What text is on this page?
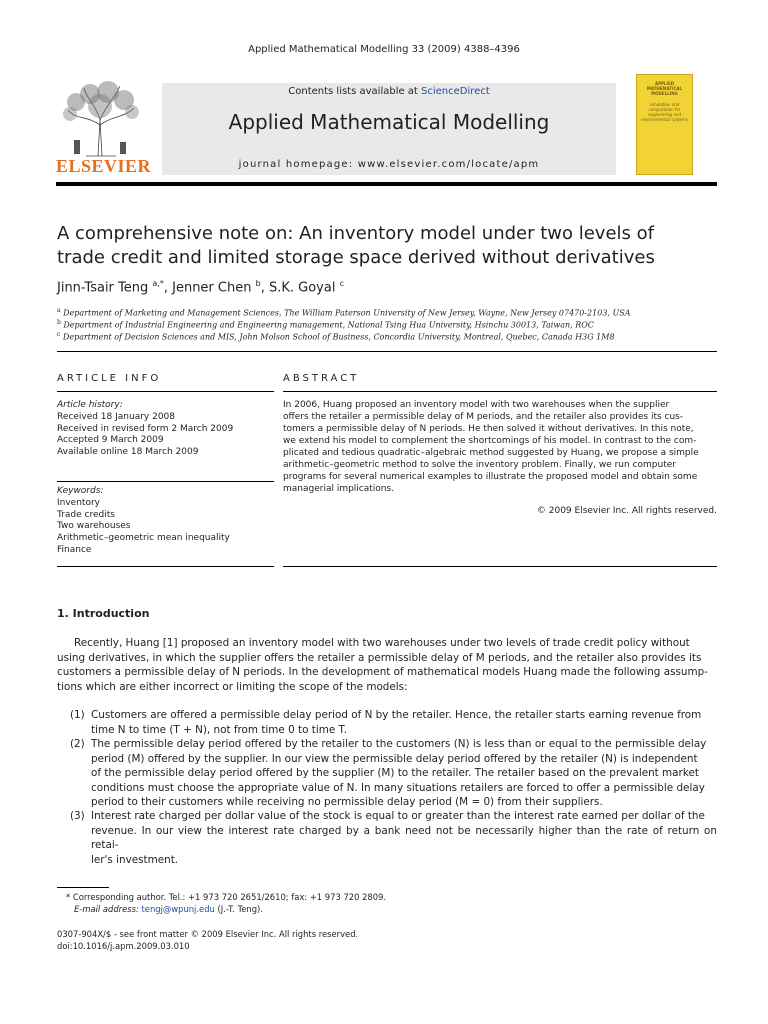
Applied Mathematical Modelling 33 (2009) 4388–4396
ELSEVIER
Contents lists available at ScienceDirect
Applied Mathematical Modelling
journal homepage: www.elsevier.com/locate/apm
APPLIED MATHEMATICAL MODELLING
simulation and computation for engineering and environmental systems
A comprehensive note on: An inventory model under two levels of
trade credit and limited storage space derived without derivatives
Jinn-Tsair Teng $^{a,*}$, Jenner Chen $^b$, S.K. Goyal $^c$
$^a$ Department of Marketing and Management Sciences, The William Paterson University of New Jersey, Wayne, New Jersey 07470-2103, USA
$^b$ Department of Industrial Engineering and Engineering management, National Tsing Hua University, Hsinchu 30013, Taiwan, ROC
$^c$ Department of Decision Sciences and MIS, John Molson School of Business, Concordia University, Montreal, Quebec, Canada H3G 1M8
ARTICLE INFO
Article history:
Received 18 January 2008
Received in revised form 2 March 2009
Accepted 9 March 2009
Available online 18 March 2009
Keywords:
Inventory
Trade credits
Two warehouses
Arithmetic–geometric mean inequality
Finance
ABSTRACT
In 2006, Huang proposed an inventory model with two warehouses when the supplier
offers the retailer a permissible delay of M periods, and the retailer also provides its cus-
tomers a permissible delay of N periods. He then solved it without derivatives. In this note,
we extend his model to complement the shortcomings of his model. In contrast to the com-
plicated and tedious quadratic–algebraic method suggested by Huang, we propose a simple
arithmetic–geometric method to solve the inventory problem. Finally, we run computer
programs for several numerical examples to illustrate the proposed model and obtain some
managerial implications.
© 2009 Elsevier Inc. All rights reserved.
1. Introduction
Recently, Huang [1] proposed an inventory model with two warehouses under two levels of trade credit policy without
using derivatives, in which the supplier offers the retailer a permissible delay of M periods, and the retailer also provides its
customers a permissible delay of N periods. In the development of mathematical models Huang made the following assump-
tions which are either incorrect or limiting the scope of the models:
(1) Customers are offered a permissible delay period of N by the retailer. Hence, the retailer starts earning revenue from
time N to time (T + N), not from time 0 to time T.
(2) The permissible delay period offered by the retailer to the customers (N) is less than or equal to the permissible delay
period (M) offered by the supplier. In our view the permissible delay period offered by the retailer (N) is independent
of the permissible delay period offered by the supplier (M) to the retailer. The retailer based on the prevalent market
conditions must choose the appropriate value of N. In many situations retailers are forced to offer a permissible delay
period to their customers while receiving no permissible delay period (M = 0) from their suppliers.
(3) Interest rate charged per dollar value of the stock is equal to or greater than the interest rate earned per dollar of the
revenue. In our view the interest rate charged by a bank need not be necessarily higher than the rate of return on retai-
ler's investment.
* Corresponding author. Tel.: +1 973 720 2651/2610; fax: +1 973 720 2809.
E-mail address: tengj@wpunj.edu (J.-T. Teng).
0307-904X/$ - see front matter © 2009 Elsevier Inc. All rights reserved.
doi:10.1016/j.apm.2009.03.010
